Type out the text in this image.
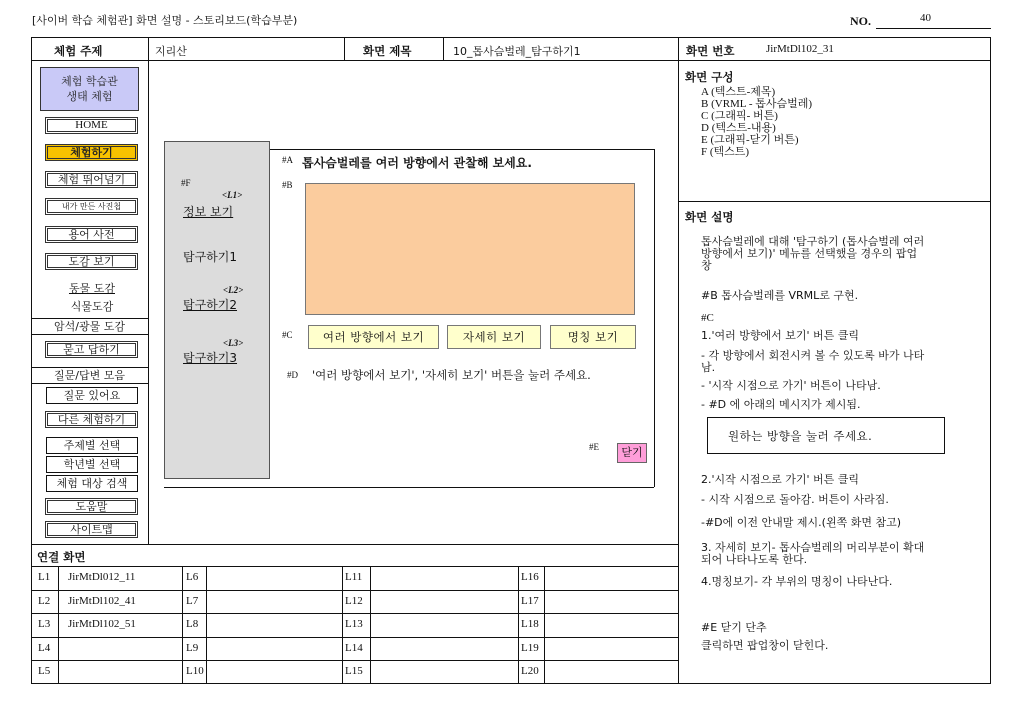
[사이버 학습 체험관] 화면 설명 - 스토리보드(학습부분)	NO.	40
체험 주제	지리산	화면 제목	10_톱사슴벌레_탐구하기1	화면 번호	JirMtDl102_31
체험 학습관
생태 체험
HOME
체험하기
체험 뛰어넘기
내가 만든 사진첩
용어 사전
도감 보기
동물 도감
식물도감
암석/광물 도감
묻고 답하기
질문/답변 모음
질문 있어요
다른 체험하기
주제별 선택
학년별 선택
체험 대상 검색
도움말
사이트맵
#F
<L1>
정보 보기
탐구하기1
<L2>
탐구하기2
<L3>
탐구하기3
#A 톱사슴벌레를 여러 방향에서 관찰해 보세요.
#B
#C	여러 방향에서 보기	자세히 보기	명칭 보기
#D '여러 방향에서 보기', '자세히 보기' 버튼을 눌러 주세요.
#E	닫기
화면 구성
A (텍스트-제목)
B (VRML - 톱사슴벌레)
C (그래픽- 버튼)
D (텍스트-내용)
E (그래픽-닫기 버튼)
F (텍스트)
화면 설명
톱사슴벌레에 대해 '탐구하기 (톱사슴벌레 여러
방향에서 보기)' 메뉴를 선택했을 경우의 팝업
창
#B 톱사슴벌레를 VRML로 구현.
#C
1.'여러 방향에서 보기' 버튼 클릭
- 각 방향에서 회전시켜 볼 수 있도록 바가 나타
남.
- '시작 시점으로 가기' 버튼이 나타남.
- #D 에 아래의 메시지가 제시됨.
원하는 방향을 눌러 주세요.
2.'시작 시점으로 가기' 버튼 클릭
- 시작 시점으로 돌아감. 버튼이 사라짐.
-#D에 이전 안내말 제시.(왼쪽 화면 참고)
3. 자세히 보기- 톱사슴벌레의 머리부분이 확대
되어 나타나도록 한다.
4.명칭보기- 각 부위의 명칭이 나타난다.
#E 닫기 단추
클릭하면 팝업창이 닫힌다.
연결 화면
L1 JirMtDl012_11	L6	L11	L16
L2 JirMtDl102_41	L7	L12	L17
L3 JirMtDl102_51	L8	L13	L18
L4	L9	L14	L19
L5	L10	L15	L20
